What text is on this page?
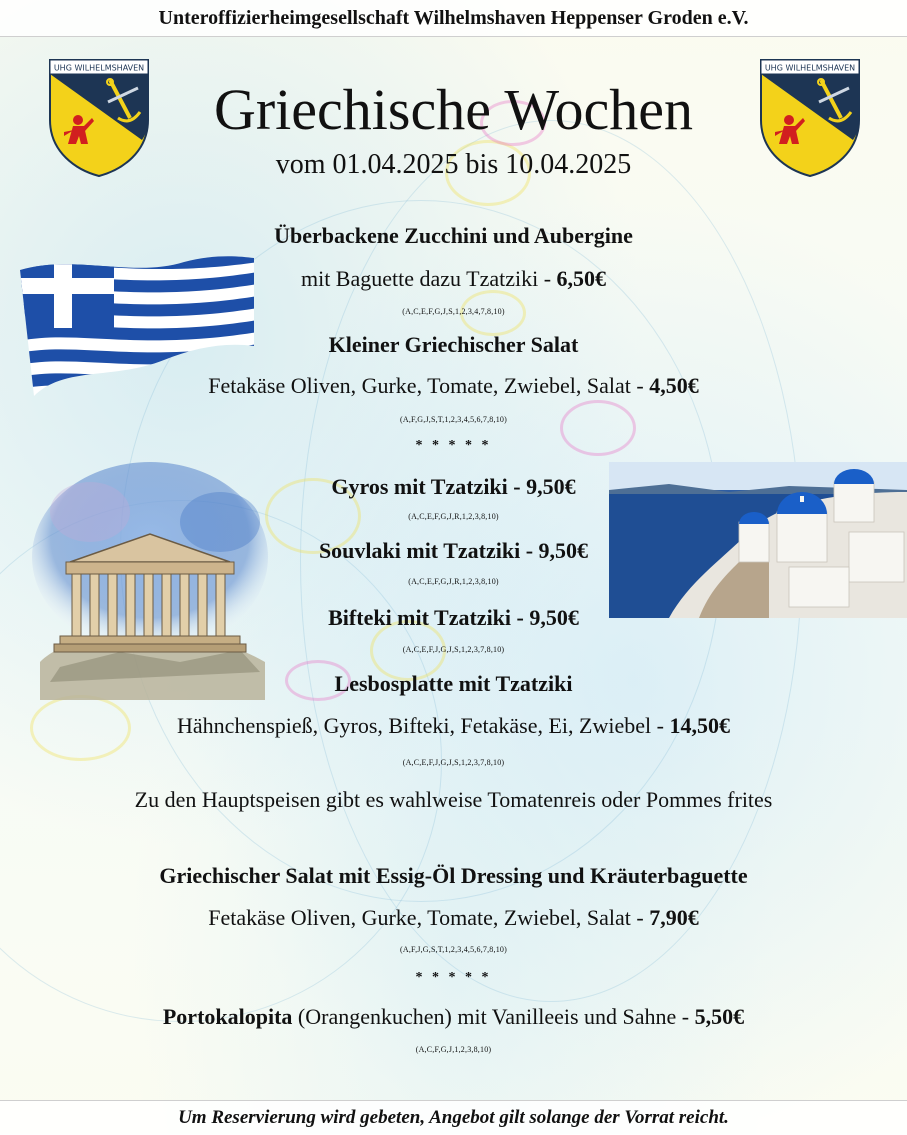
Unteroffizierheimgesellschaft Wilhelmshaven Heppenser Groden e.V.
UHG WILHELMSHAVEN	UHG WILHELMSHAVEN
Griechische Wochen
vom 01.04.2025 bis 10.04.2025
Überbackene Zucchini und Aubergine
mit Baguette dazu Tzatziki - 6,50€
(A,C,E,F,G,J,S,1,2,3,4,7,8,10)
Kleiner Griechischer Salat
Fetakäse Oliven, Gurke, Tomate, Zwiebel, Salat - 4,50€
(A,F,G,J,S,T,1,2,3,4,5,6,7,8,10)
* * * * *
Gyros mit Tzatziki - 9,50€
(A,C,E,F,G,J,R,1,2,3,8,10)
Souvlaki mit Tzatziki - 9,50€
(A,C,E,F,G,J,R,1,2,3,8,10)
Bifteki mit Tzatziki - 9,50€
(A,C,E,F,J,G,J,S,1,2,3,7,8,10)
Lesbosplatte mit Tzatziki
Hähnchenspieß, Gyros, Bifteki, Fetakäse, Ei, Zwiebel - 14,50€
(A,C,E,F,J,G,J,S,1,2,3,7,8,10)
Zu den Hauptspeisen gibt es wahlweise Tomatenreis oder Pommes frites
Griechischer Salat mit Essig-Öl Dressing und Kräuterbaguette
Fetakäse Oliven, Gurke, Tomate, Zwiebel, Salat - 7,90€
(A,F,J,G,S,T,1,2,3,4,5,6,7,8,10)
* * * * *
Portokalopita (Orangenkuchen) mit Vanilleeis und Sahne - 5,50€
(A,C,F,G,J,1,2,3,8,10)
Um Reservierung wird gebeten, Angebot gilt solange der Vorrat reicht.
